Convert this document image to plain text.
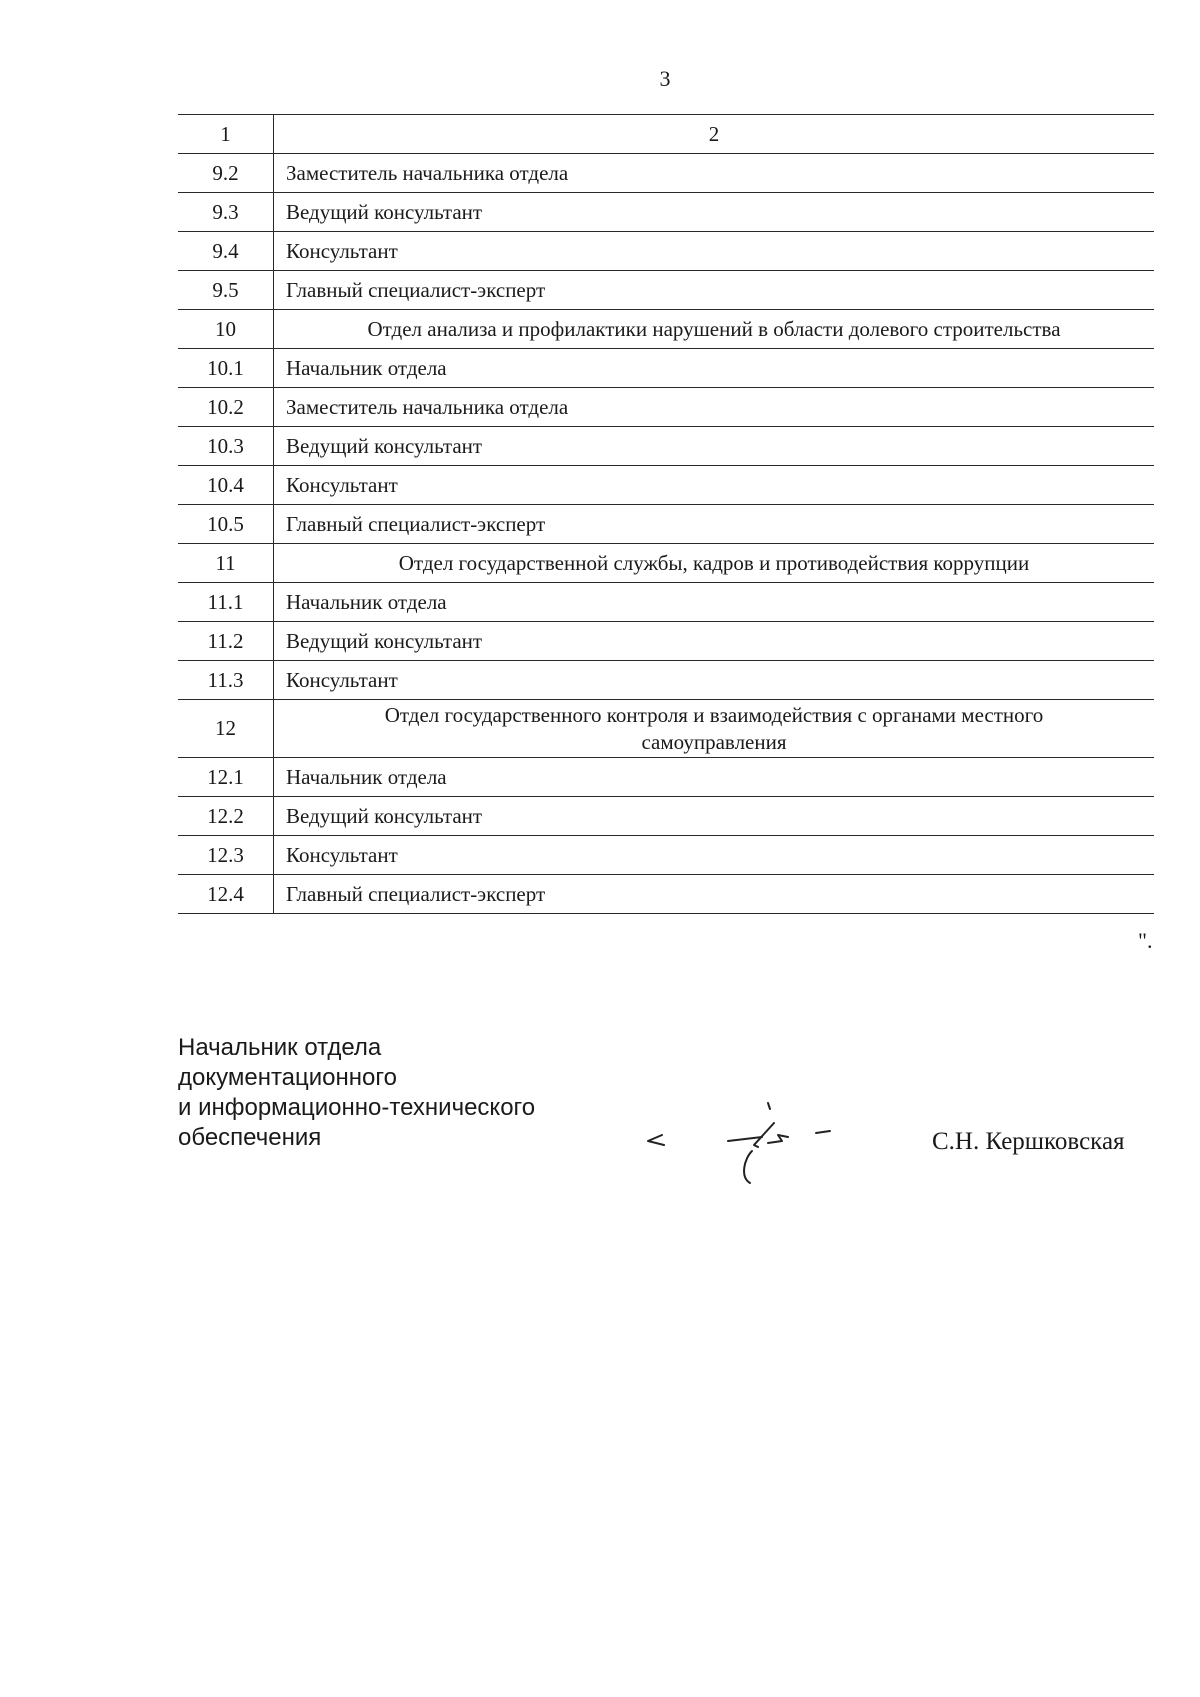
3
1	2
9.2	Заместитель начальника отдела
9.3	Ведущий консультант
9.4	Консультант
9.5	Главный специалист-эксперт
10	Отдел анализа и профилактики нарушений в области долевого строительства
10.1	Начальник отдела
10.2	Заместитель начальника отдела
10.3	Ведущий консультант
10.4	Консультант
10.5	Главный специалист-эксперт
11	Отдел государственной службы, кадров и противодействия коррупции
11.1	Начальник отдела
11.2	Ведущий консультант
11.3	Консультант
12	Отдел государственного контроля и взаимодействия с органами местного самоуправления
12.1	Начальник отдела
12.2	Ведущий консультант
12.3	Консультант
12.4	Главный специалист-эксперт
".
Начальник отдела
документационного
и информационно-технического
обеспечения	С.Н. Кершковская
